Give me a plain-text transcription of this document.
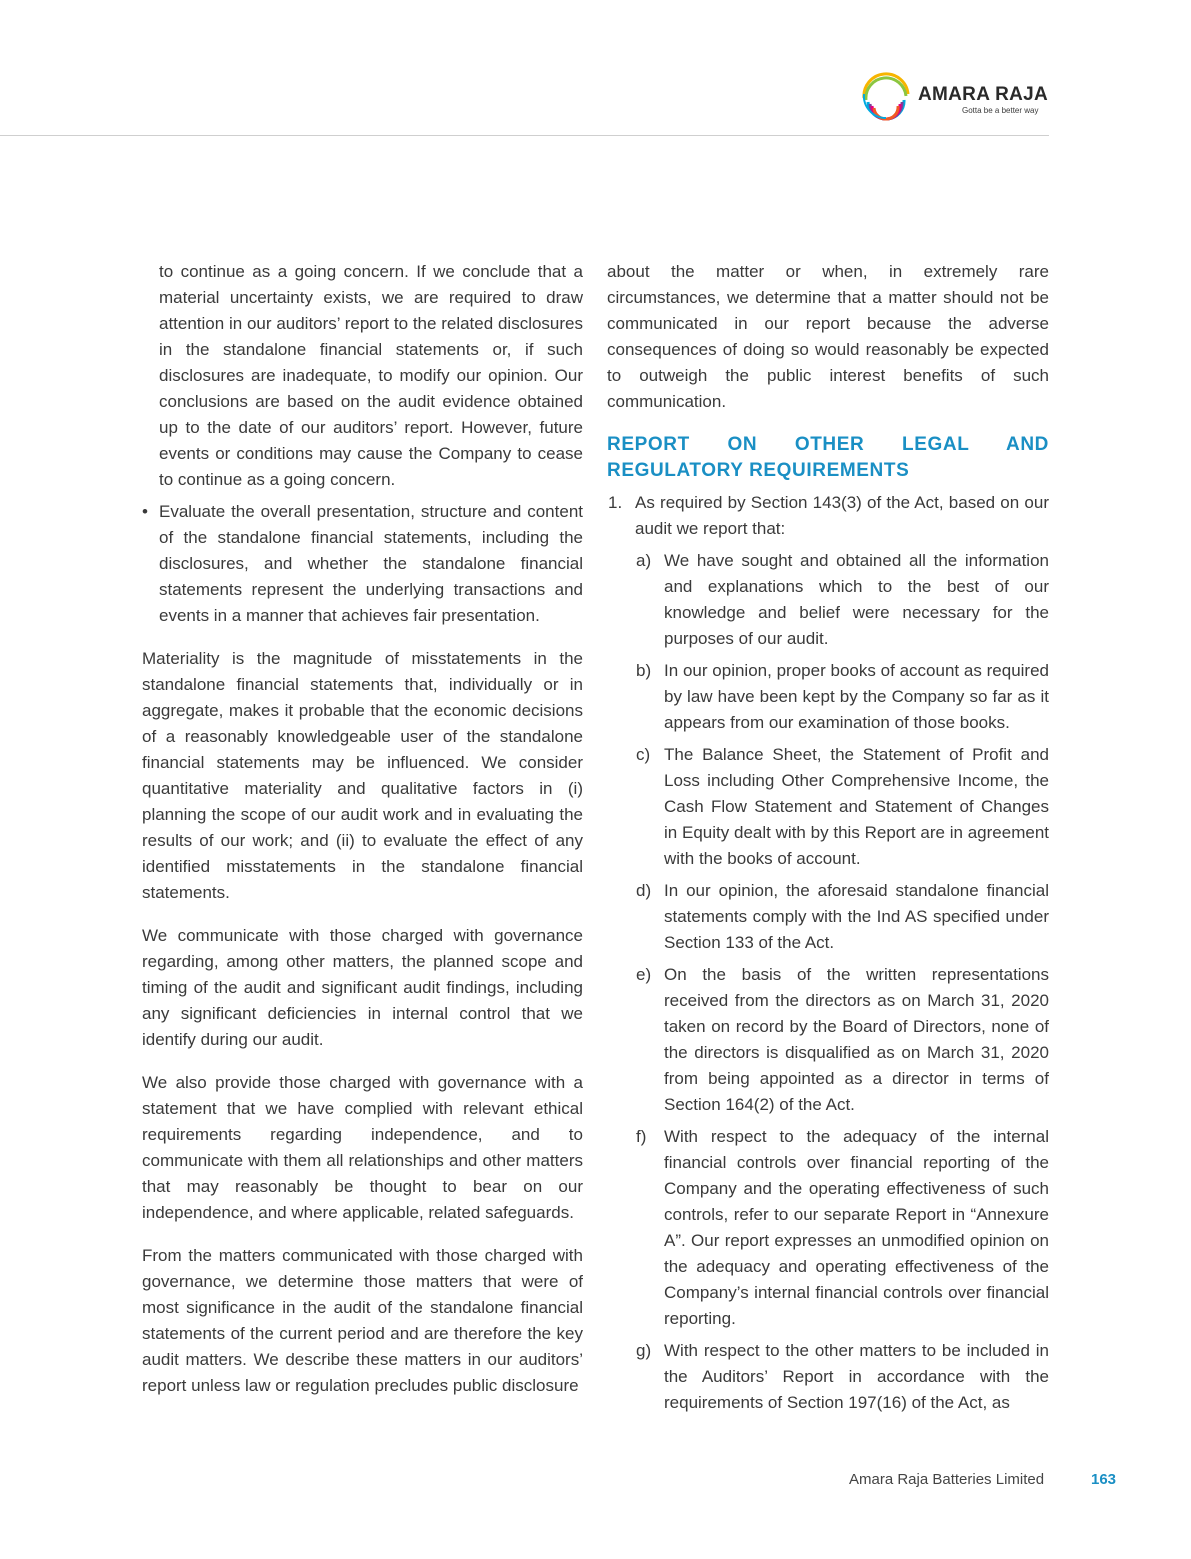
AMARA RAJA
Gotta be a better way

to continue as a going concern. If we conclude that a material uncertainty exists, we are required to draw attention in our auditors’ report to the related disclosures in the standalone financial statements or, if such disclosures are inadequate, to modify our opinion. Our conclusions are based on the audit evidence obtained up to the date of our auditors’ report. However, future events or conditions may cause the Company to cease to continue as a going concern.

• Evaluate the overall presentation, structure and content of the standalone financial statements, including the disclosures, and whether the standalone financial statements represent the underlying transactions and events in a manner that achieves fair presentation.

Materiality is the magnitude of misstatements in the standalone financial statements that, individually or in aggregate, makes it probable that the economic decisions of a reasonably knowledgeable user of the standalone financial statements may be influenced. We consider quantitative materiality and qualitative factors in (i) planning the scope of our audit work and in evaluating the results of our work; and (ii) to evaluate the effect of any identified misstatements in the standalone financial statements.

We communicate with those charged with governance regarding, among other matters, the planned scope and timing of the audit and significant audit findings, including any significant deficiencies in internal control that we identify during our audit.

We also provide those charged with governance with a statement that we have complied with relevant ethical requirements regarding independence, and to communicate with them all relationships and other matters that may reasonably be thought to bear on our independence, and where applicable, related safeguards.

From the matters communicated with those charged with governance, we determine those matters that were of most significance in the audit of the standalone financial statements of the current period and are therefore the key audit matters. We describe these matters in our auditors’ report unless law or regulation precludes public disclosure

about the matter or when, in extremely rare circumstances, we determine that a matter should not be communicated in our report because the adverse consequences of doing so would reasonably be expected to outweigh the public interest benefits of such communication.

REPORT ON OTHER LEGAL AND REGULATORY REQUIREMENTS
1. As required by Section 143(3) of the Act, based on our audit we report that:

a) We have sought and obtained all the information and explanations which to the best of our knowledge and belief were necessary for the purposes of our audit.

b) In our opinion, proper books of account as required by law have been kept by the Company so far as it appears from our examination of those books.

c) The Balance Sheet, the Statement of Profit and Loss including Other Comprehensive Income, the Cash Flow Statement and Statement of Changes in Equity dealt with by this Report are in agreement with the books of account.

d) In our opinion, the aforesaid standalone financial statements comply with the Ind AS specified under Section 133 of the Act.

e) On the basis of the written representations received from the directors as on March 31, 2020 taken on record by the Board of Directors, none of the directors is disqualified as on March 31, 2020 from being appointed as a director in terms of Section 164(2) of the Act.

f) With respect to the adequacy of the internal financial controls over financial reporting of the Company and the operating effectiveness of such controls, refer to our separate Report in “Annexure A”. Our report expresses an unmodified opinion on the adequacy and operating effectiveness of the Company’s internal financial controls over financial reporting.

g) With respect to the other matters to be included in the Auditors’ Report in accordance with the requirements of Section 197(16) of the Act, as

Amara Raja Batteries Limited	163
